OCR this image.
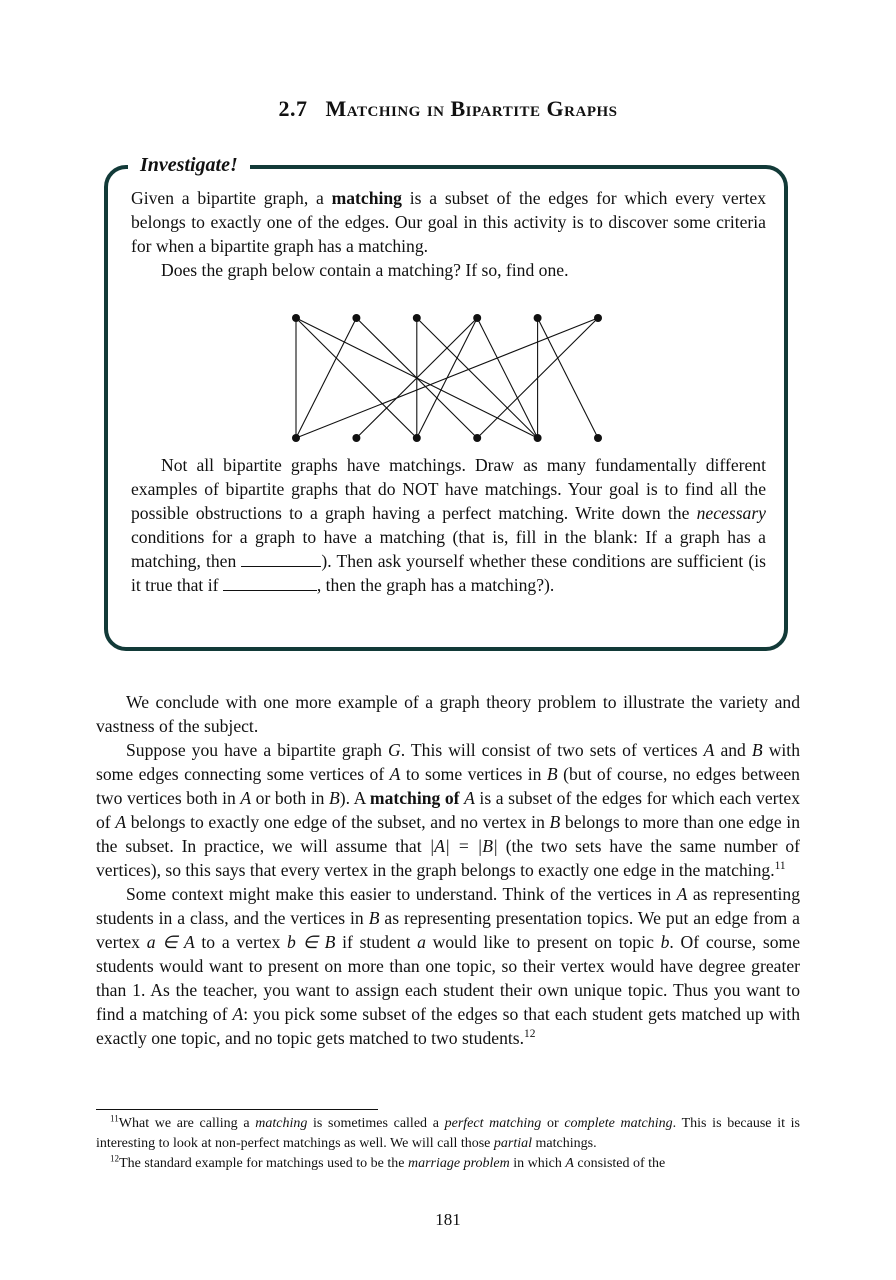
2.7 Matching in Bipartite Graphs
Investigate!

Given a bipartite graph, a matching is a subset of the edges for which every vertex belongs to exactly one of the edges. Our goal in this activity is to discover some criteria for when a bipartite graph has a matching.

Does the graph below contain a matching? If so, find one.

Not all bipartite graphs have matchings. Draw as many fundamentally different examples of bipartite graphs that do NOT have matchings. Your goal is to find all the possible obstructions to a graph having a perfect matching. Write down the necessary conditions for a graph to have a matching (that is, fill in the blank: If a graph has a matching, then	). Then ask yourself whether these conditions are sufficient (is it true that if	, then the graph has a matching?).

We conclude with one more example of a graph theory problem to illustrate the variety and vastness of the subject.

Suppose you have a bipartite graph G. This will consist of two sets of vertices A and B with some edges connecting some vertices of A to some vertices in B (but of course, no edges between two vertices both in A or both in B). A matching of A is a subset of the edges for which each vertex of A belongs to exactly one edge of the subset, and no vertex in B belongs to more than one edge in the subset. In practice, we will assume that |A| = |B| (the two sets have the same number of vertices), so this says that every vertex in the graph belongs to exactly one edge in the matching.$^{11}$

Some context might make this easier to understand. Think of the vertices in A as representing students in a class, and the vertices in B as representing presentation topics. We put an edge from a vertex a ∈ A to a vertex b ∈ B if student a would like to present on topic b. Of course, some students would want to present on more than one topic, so their vertex would have degree greater than 1. As the teacher, you want to assign each student their own unique topic. Thus you want to find a matching of A: you pick some subset of the edges so that each student gets matched up with exactly one topic, and no topic gets matched to two students.$^{12}$

$^{11}$What we are calling a matching is sometimes called a perfect matching or complete matching. This is because it is interesting to look at non-perfect matchings as well. We will call those partial matchings.

$^{12}$The standard example for matchings used to be the marriage problem in which A consisted of the

181
